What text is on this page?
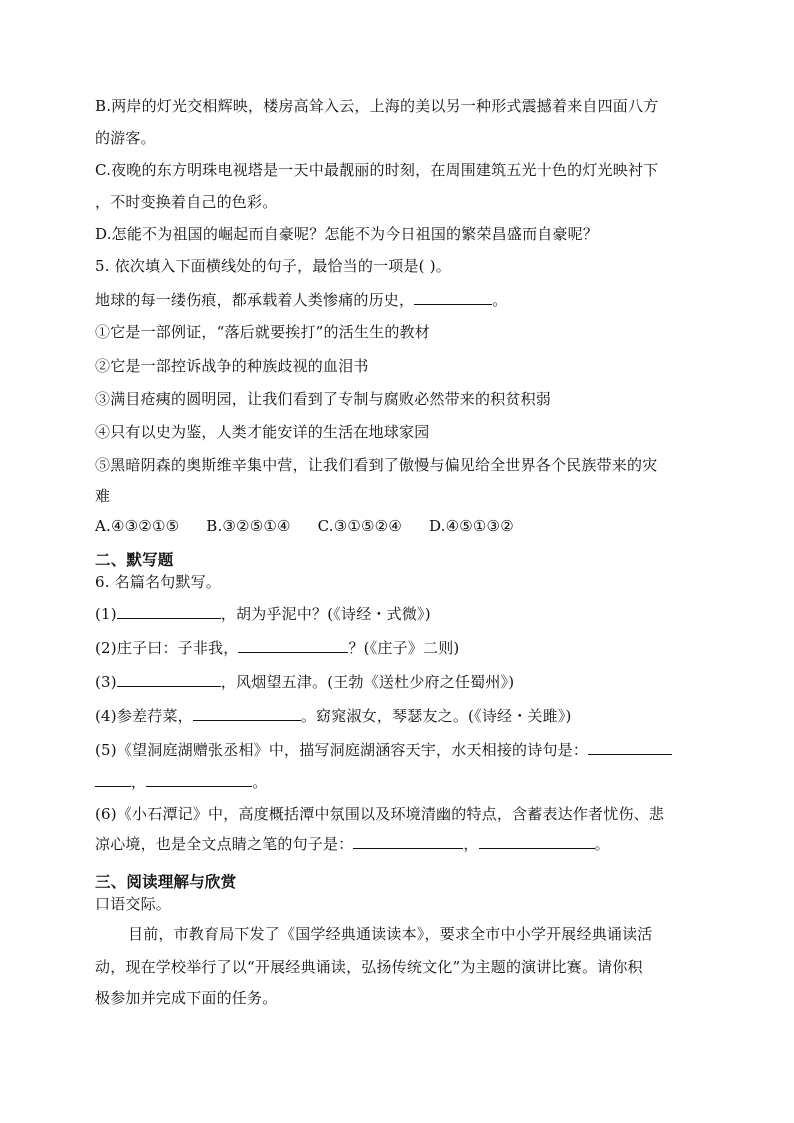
B.两岸的灯光交相辉映，楼房高耸入云，上海的美以另一种形式震撼着来自四面八方
的游客。
C.夜晚的东方明珠电视塔是一天中最靓丽的时刻，在周围建筑五光十色的灯光映衬下
，不时变换着自己的色彩。
D.怎能不为祖国的崛起而自豪呢？怎能不为今日祖国的繁荣昌盛而自豪呢？
5. 依次填入下面横线处的句子，最恰当的一项是( )。
地球的每一缕伤痕，都承载着人类惨痛的历史，	。
①它是一部例证，“落后就要挨打”的活生生的教材
②它是一部控诉战争的种族歧视的血泪书
③满目疮痍的圆明园，让我们看到了专制与腐败必然带来的积贫积弱
④只有以史为鉴，人类才能安详的生活在地球家园
⑤黑暗阴森的奥斯维辛集中营，让我们看到了傲慢与偏见给全世界各个民族带来的灾
难
A.④③②①⑤ B.③②⑤①④ C.③①⑤②④ D.④⑤①③②
二、默写题
6. 名篇名句默写。
(1)	，胡为乎泥中？(《诗经・式微》)
(2)庄子曰：子非我，	？(《庄子》二则)
(3)	，风烟望五津。(王勃《送杜少府之任蜀州》)
(4)参差荇菜，	。窈窕淑女，琴瑟友之。(《诗经・关雎》)
(5)《望洞庭湖赠张丞相》中，描写洞庭湖涵容天宇，水天相接的诗句是：
，	。
(6)《小石潭记》中，高度概括潭中氛围以及环境清幽的特点，含蓄表达作者忧伤、悲
凉心境，也是全文点睛之笔的句子是：	，	。
三、阅读理解与欣赏
口语交际。
目前，市教育局下发了《国学经典通读读本》，要求全市中小学开展经典诵读活
动，现在学校举行了以“开展经典诵读，弘扬传统文化”为主题的演讲比赛。请你积
极参加并完成下面的任务。
